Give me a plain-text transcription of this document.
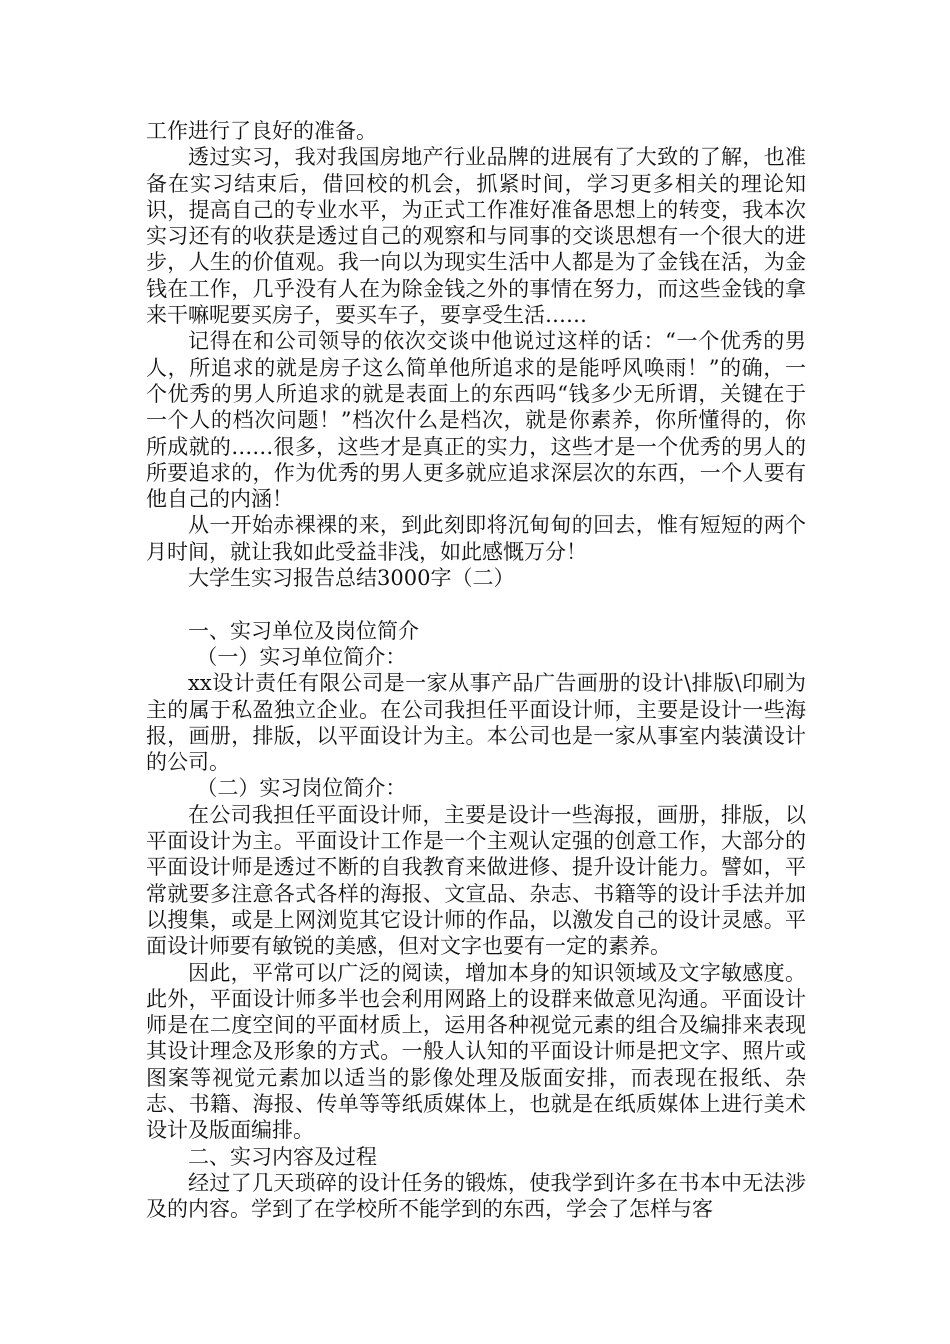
工作进行了良好的准备。

透过实习，我对我国房地产行业品牌的进展有了大致的了解，也准备在实习结束后，借回校的机会，抓紧时间，学习更多相关的理论知识，提高自己的专业水平，为正式工作准好准备思想上的转变，我本次实习还有的收获是透过自己的观察和与同事的交谈思想有一个很大的进步，人生的价值观。我一向以为现实生活中人都是为了金钱在活，为金钱在工作，几乎没有人在为除金钱之外的事情在努力，而这些金钱的拿来干嘛呢要买房子，要买车子，要享受生活……

记得在和公司领导的依次交谈中他说过这样的话：“一个优秀的男人，所追求的就是房子这么简单他所追求的是能呼风唤雨！”的确，一个优秀的男人所追求的就是表面上的东西吗“钱多少无所谓，关键在于一个人的档次问题！”档次什么是档次，就是你素养，你所懂得的，你所成就的……很多，这些才是真正的实力，这些才是一个优秀的男人的所要追求的，作为优秀的男人更多就应追求深层次的东西，一个人要有他自己的内涵！

从一开始赤裸裸的来，到此刻即将沉甸甸的回去，惟有短短的两个月时间，就让我如此受益非浅，如此感慨万分！

大学生实习报告总结3000字（二）

一、实习单位及岗位简介

（一）实习单位简介：

xx设计责任有限公司是一家从事产品广告画册的设计\排版\印刷为主的属于私盈独立企业。在公司我担任平面设计师，主要是设计一些海报，画册，排版，以平面设计为主。本公司也是一家从事室内装潢设计的公司。

（二）实习岗位简介：

在公司我担任平面设计师，主要是设计一些海报，画册，排版，以平面设计为主。平面设计工作是一个主观认定强的创意工作，大部分的平面设计师是透过不断的自我教育来做进修、提升设计能力。譬如，平常就要多注意各式各样的海报、文宣品、杂志、书籍等的设计手法并加以搜集，或是上网浏览其它设计师的作品，以激发自己的设计灵感。平面设计师要有敏锐的美感，但对文字也要有一定的素养。

因此，平常可以广泛的阅读，增加本身的知识领域及文字敏感度。此外，平面设计师多半也会利用网路上的设群来做意见沟通。平面设计师是在二度空间的平面材质上，运用各种视觉元素的组合及编排来表现其设计理念及形象的方式。一般人认知的平面设计师是把文字、照片或图案等视觉元素加以适当的影像处理及版面安排，而表现在报纸、杂志、书籍、海报、传单等等纸质媒体上，也就是在纸质媒体上进行美术设计及版面编排。

二、实习内容及过程

经过了几天琐碎的设计任务的锻炼，使我学到许多在书本中无法涉及的内容。学到了在学校所不能学到的东西，学会了怎样与客
